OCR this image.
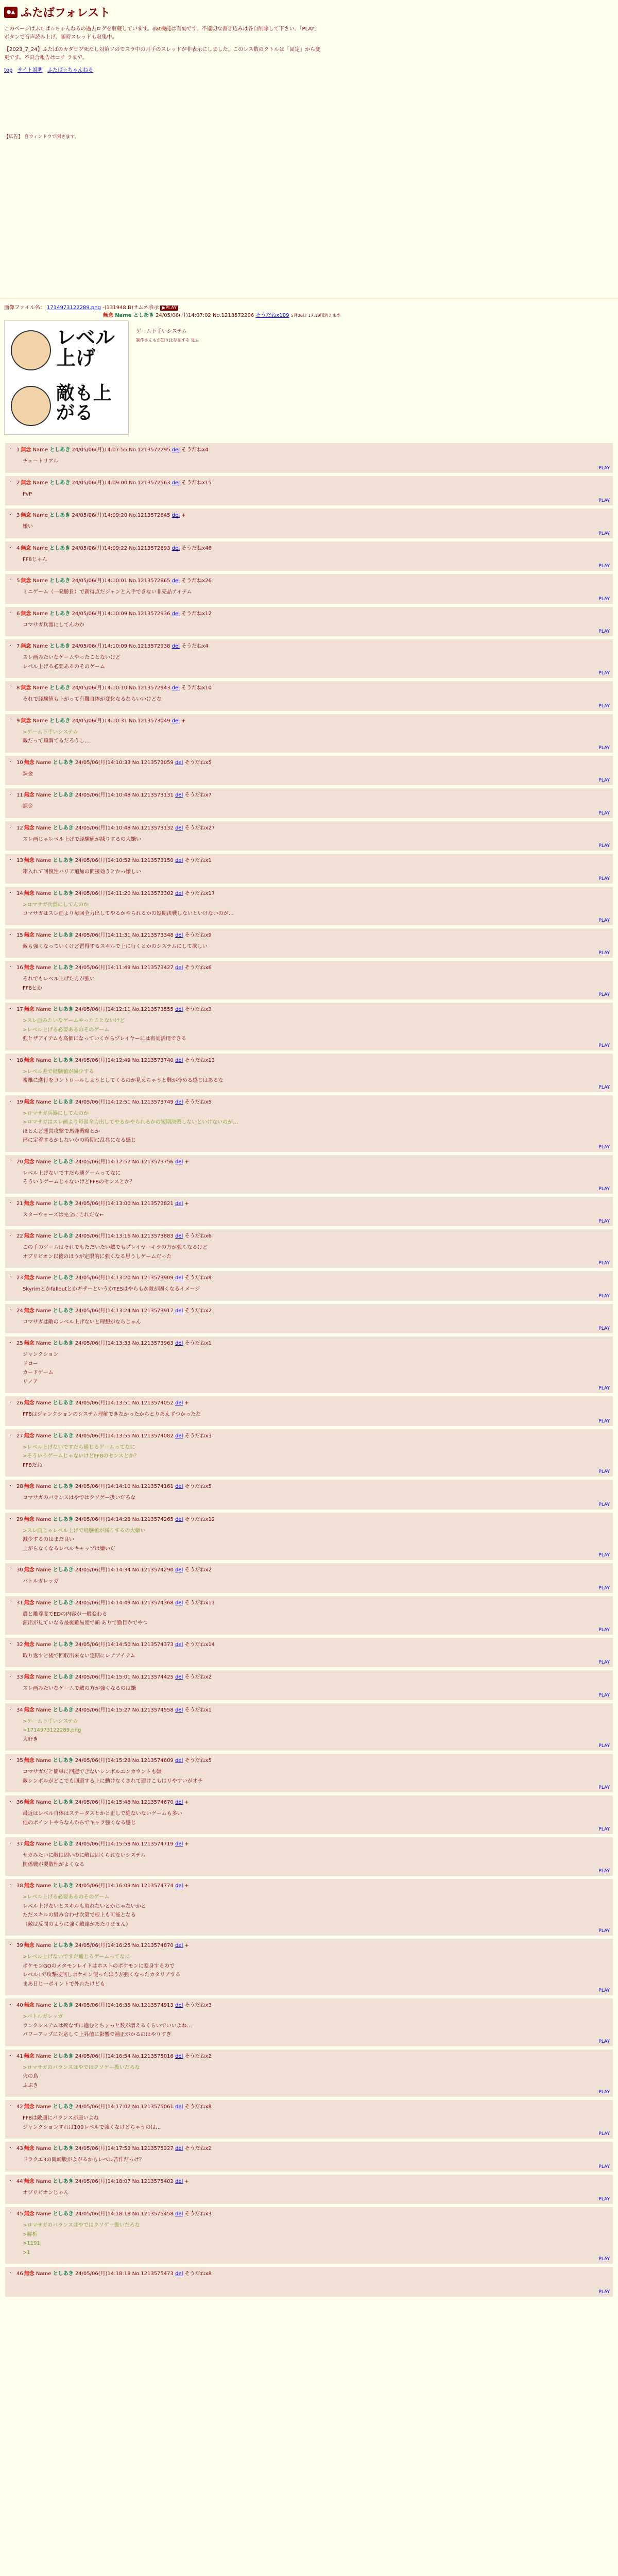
●▲ ふたばフォレスト
このページはふたば☆ちゃんねるの過去ログを収蔵しています。dat機能は有効です。不適切な書き込みは各自削除して下さい。「PLAY」ボタンで音声読み上げ。随時スレッドも収集中。
【2023_7_24】ふたばのカタログ死なし対策ソのでスラ中の月手のスレッドが非表示にしました。このレス数のクトルは「固定」から変更です。不具合報告はコチ ラまで。
top サイト説明 ふたば☆ちゃんねる
【広告】 自ウィンドウで開きます。
画像ファイル名： 1714973122289.png -(131948 B)サムネ表示 ▶PLAY
無念 Name としあき 24/05/06(月)14:07:02 No.1213572206 そうだねx109 5月06日 17:19頃消えます
レベル上げ
敵も上がる
ゲーム下手いシステム
制作さんもが知りは存在すそ 見ム
… 1 無念 Name としあき 24/05/06(月)14:07:55 No.1213572295 del そうだねx4
チュートリアル
PLAY
… 2 無念 Name としあき 24/05/06(月)14:09:00 No.1213572563 del そうだねx15
PvP
PLAY
… 3 無念 Name としあき 24/05/06(月)14:09:20 No.1213572645 del +
嫌い
PLAY
… 4 無念 Name としあき 24/05/06(月)14:09:22 No.1213572693 del そうだねx46
FF8じゃん
PLAY
… 5 無念 Name としあき 24/05/06(月)14:10:01 No.1213572865 del そうだねx26
ミニゲーム（一発勝負）で新得点だジャンと入手できない非売品アイテム
PLAY
… 6 無念 Name としあき 24/05/06(月)14:10:09 No.1213572936 del そうだねx12
ロマサガ兵器にしてんのか
PLAY
… 7 無念 Name としあき 24/05/06(月)14:10:09 No.1213572938 del そうだねx4
スレ画みたいなゲームやったことないけど
レベル上げる必要あるのそのゲーム
PLAY
… 8 無念 Name としあき 24/05/06(月)14:10:10 No.1213572943 del そうだねx10
それで経験値も上がって有難自体が変化なるならいいけどな
PLAY
… 9 無念 Name としあき 24/05/06(月)14:10:31 No.1213573049 del +
>ゲーム下手いシステム
敵だって順調てるだろうし…
PLAY
… 10 無念 Name としあき 24/05/06(月)14:10:33 No.1213573059 del そうだねx5
課金
PLAY
… 11 無念 Name としあき 24/05/06(月)14:10:48 No.1213573131 del そうだねx7
課金
PLAY
… 12 無念 Name としあき 24/05/06(月)14:10:48 No.1213573132 del そうだねx27
スレ画じゃレベル上げで経験値が減りするの大嫌い
PLAY
… 13 無念 Name としあき 24/05/06(月)14:10:52 No.1213573150 del そうだねx1
箱入れて回復性バリア追加の間接効うとかっ嫌しい
PLAY
… 14 無念 Name としあき 24/05/06(月)14:11:20 No.1213573302 del そうだねx17
>ロマサガ兵器にしてんのか
ロマサガはスレ画より毎回全力出してやるかやられるかの短期決戦しないといけないのが…
PLAY
… 15 無念 Name としあき 24/05/06(月)14:11:31 No.1213573348 del そうだねx9
敵も強くなっていくけど習得するスキルで上に行くとかのシステムにして欲しい
PLAY
… 16 無念 Name としあき 24/05/06(月)14:11:49 No.1213573427 del そうだねx6
それでもレベル上げた方が強い
FF8とか
PLAY
… 17 無念 Name としあき 24/05/06(月)14:12:11 No.1213573555 del そうだねx3
>スレ画みたいなゲームやったことないけど
>レベル上げる必要あるのそのゲーム
強とザアイテムも高価になっていくからプレイヤーには有効活用できる
PLAY
… 18 無念 Name としあき 24/05/06(月)14:12:49 No.1213573740 del そうだねx13
>レベル差で経験値が減少する
複雑に進行をコントロールしようとしてくるのが見えちゃうと興が冷める感じはあるな
PLAY
… 19 無念 Name としあき 24/05/06(月)14:12:51 No.1213573749 del そうだねx5
>ロマサガ兵器にしてんのか
>ロマサガはスレ画より毎回全力出してやるかやられるかの短期決戦しないといけないのが…
ほとんど運営攻撃で馬鹿戦略とか
形に定着するかしないかの時期に乱兆になる感じ
PLAY
… 20 無念 Name としあき 24/05/06(月)14:12:52 No.1213573756 del +
レベル上げないですだら通ゲームってなに
そういうゲームじゃないけどFF8のセンスとか？
PLAY
… 21 無念 Name としあき 24/05/06(月)14:13:00 No.1213573821 del +
スターウォーズは完全にこれだな←
PLAY
… 22 無念 Name としあき 24/05/06(月)14:13:16 No.1213573883 del そうだねx6
この手のゲームはそれでもただいたい敵でもプレイヤーキラの方が強くなるけど
オブリビオン以後のほうが定限的に強くなる思うしゲームだった
PLAY
… 23 無念 Name としあき 24/05/06(月)14:13:20 No.1213573909 del そうだねx8
SkyrimとかfalloutとかギザーというかTESはやらもか敵が固くなるイメージ
PLAY
… 24 無念 Name としあき 24/05/06(月)14:13:24 No.1213573917 del そうだねx2
ロマサガは敵のレベル上げないと理想がならじゃん
PLAY
… 25 無念 Name としあき 24/05/06(月)14:13:33 No.1213573963 del そうだねx1
ジャンクション
ドロー
カードゲーム
リノア
PLAY
… 26 無念 Name としあき 24/05/06(月)14:13:51 No.1213574052 del +
FF8はジャンクションのシステム理解できなかったからとりあえずつかったな
PLAY
… 27 無念 Name としあき 24/05/06(月)14:13:55 No.1213574082 del そうだねx3
>レベル上げないですだら通じるゲームってなに
>そういうゲームじゃないけどFF8のセンスとか？
FF8だね
PLAY
… 28 無念 Name としあき 24/05/06(月)14:14:10 No.1213574161 del そうだねx5
ロマサガのバランスはやではクソゲー扱いだろな
PLAY
… 29 無念 Name としあき 24/05/06(月)14:14:28 No.1213574265 del そうだねx12
>スレ画じゃレベル上げで経験値が減りするの大嫌い
減少するのはまだ良い
上がらなくなるレベルキャップは嫌いだ
PLAY
… 30 無念 Name としあき 24/05/06(月)14:14:34 No.1213574290 del そうだねx2
バトルガレッガ
PLAY
… 31 無念 Name としあき 24/05/06(月)14:14:49 No.1213574368 del そうだねx11
農と離尊度でEDの内容が一般変わる
演出が見ていなる最後難易度で頭 ありで勤目かでやつ
PLAY
… 32 無念 Name としあき 24/05/06(月)14:14:50 No.1213574373 del そうだねx14
取り返すと後で回収出来ない定期にレアアイテム
PLAY
… 33 無念 Name としあき 24/05/06(月)14:15:01 No.1213574425 del そうだねx2
スレ画みたいなゲームで敵の方が強くなるのは嫌
PLAY
… 34 無念 Name としあき 24/05/06(月)14:15:27 No.1213574558 del そうだねx1
>ゲーム下手いシステム
>1714973122289.png
大好き
PLAY
… 35 無念 Name としあき 24/05/06(月)14:15:28 No.1213574609 del そうだねx5
ロマサガだと簡単に回避できないシンボルエンカウントも嫌
敵シンボルがどこでも回避する上に動けなくされて避けこもはリやすいがオチ
PLAY
… 36 無念 Name としあき 24/05/06(月)14:15:48 No.1213574670 del +
最近はレベル自体はステータスとかと正しで絶ないないゲームも多い
他のポイントやらなんからでキャラ強くなる感じ
PLAY
… 37 無念 Name としあき 24/05/06(月)14:15:58 No.1213574719 del +
サガみたいに敵は固いのに敵は固くられないシステム
関係戦が嬰散性がよくなる
PLAY
… 38 無念 Name としあき 24/05/06(月)14:16:09 No.1213574774 del +
>レベル上げる必要あるのそのゲーム
レベル上げないとスキルも取れないとかじゃないかと
ただスキルの組み合わせ次第で根上も可能となる
（敵は反問のように強く敵達があたりません）
PLAY
… 39 無念 Name としあき 24/05/06(月)14:16:25 No.1213574870 del +
>レベル上げないですだ通じるゲームってなに
ポケモンGOのメタモンレイドはホストのポケモンに変身するので
レベル1で攻撃技無しポケモン使ったほうが強くなったカタリアする
まあ日じ一ポイントで外れたけども
PLAY
… 40 無念 Name としあき 24/05/06(月)14:16:35 No.1213574913 del そうだねx3
>バトルガレッガ
ランクシステムは死なずに進むとちょっと数が増えるくらいでいいよね…
パワーアップに対応して上昇値に影響で補正がかるのはやりすぎ
PLAY
… 41 無念 Name としあき 24/05/06(月)14:16:54 No.1213575016 del そうだねx2
>ロマサガのバランスはやではクソゲー扱いだろな
火の鳥
ふぶき
PLAY
… 42 無念 Name としあき 24/05/06(月)14:17:02 No.1213575061 del そうだねx8
FF8は敵適にバランスが悪いよね
ジャンクションすれば100レベルで強くなけどちゃうのは…
PLAY
… 43 無念 Name としあき 24/05/06(月)14:17:53 No.1213575327 del そうだねx2
ドラクエ3の岡崎版がよがるかもレベル苦作だっけ？
PLAY
… 44 無念 Name としあき 24/05/06(月)14:18:07 No.1213575402 del +
オブリビオンじゃん
PLAY
… 45 無念 Name としあき 24/05/06(月)14:18:18 No.1213575458 del そうだねx3
>ロマサガのバランスはやではクソゲー扱いだろな
>解析
>1191
>1
PLAY
… 46 無念 Name としあき 24/05/06(月)14:18:18 No.1213575473 del そうだねx8
PLAY
